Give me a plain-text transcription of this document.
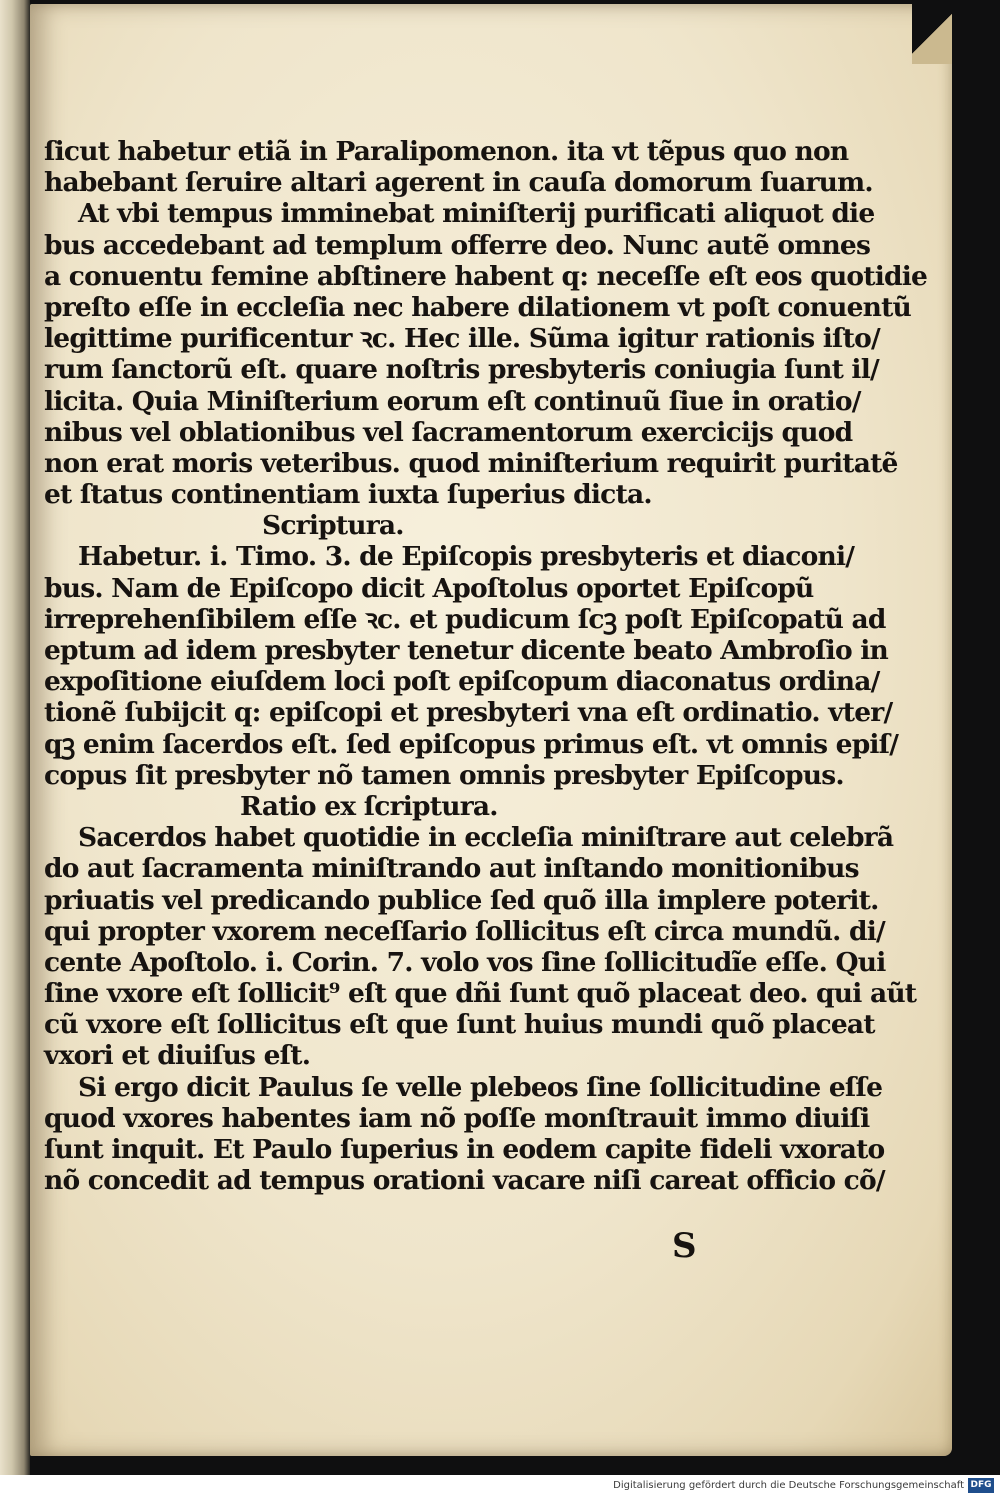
ſicut habetur etiã in Paralipomenon. ita vt tẽpus quo non
habebant ſeruire altari agerent in cauſa domorum ſuarum.
At vbi tempus imminebat miniſterij purificati aliquot die
bus accedebant ad templum offerre deo. Nunc autẽ omnes
a conuentu femine abſtinere habent q: neceſſe eſt eos quotidie
preſto eſſe in eccleſia nec habere dilationem vt poſt conuentũ
legittime purificentur ꝛc. Hec ille. Sũma igitur rationis iſto/
rum ſanctorũ eſt. quare noſtris presbyteris coniugia ſunt il/
licita. Quia Miniſterium eorum eſt continuũ ſiue in oratio/
nibus vel oblationibus vel ſacramentorum exercicijs quod
non erat moris veteribus. quod miniſterium requirit puritatẽ
et ſtatus continentiam iuxta ſuperius dicta.
Scriptura.
Habetur. i. Timo. 3. de Epiſcopis presbyteris et diaconi/
bus. Nam de Epiſcopo dicit Apoſtolus oportet Epiſcopũ
irreprehenſibilem eſſe ꝛc. et pudicum ſcꝫ poſt Epiſcopatũ ad
eptum ad idem presbyter tenetur dicente beato Ambroſio in
expoſitione eiuſdem loci poſt epiſcopum diaconatus ordina/
tionẽ ſubijcit q: epiſcopi et presbyteri vna eſt ordinatio. vter/
qꝫ enim ſacerdos eſt. ſed epiſcopus primus eſt. vt omnis epiſ/
copus ſit presbyter nõ tamen omnis presbyter Epiſcopus.
Ratio ex ſcriptura.
Sacerdos habet quotidie in eccleſia miniſtrare aut celebrã
do aut ſacramenta miniſtrando aut inſtando monitionibus
priuatis vel predicando publice ſed quõ illa implere poterit.
qui propter vxorem neceſſario ſollicitus eſt circa mundũ. di/
cente Apoſtolo. i. Corin. 7. volo vos ſine ſollicitudĩe eſſe. Qui
ſine vxore eſt ſollicit⁹ eſt que dñi ſunt quõ placeat deo. qui aũt
cũ vxore eſt ſollicitus eſt que ſunt huius mundi quõ placeat
vxori et diuiſus eſt.
Si ergo dicit Paulus ſe velle plebeos ſine ſollicitudine eſſe
quod vxores habentes iam nõ poſſe monſtrauit immo diuiſi
ſunt inquit. Et Paulo ſuperius in eodem capite fideli vxorato
nõ concedit ad tempus orationi vacare niſi careat officio cõ/
S
Digitalisierung gefördert durch die Deutsche Forschungsgemeinschaft DFG
